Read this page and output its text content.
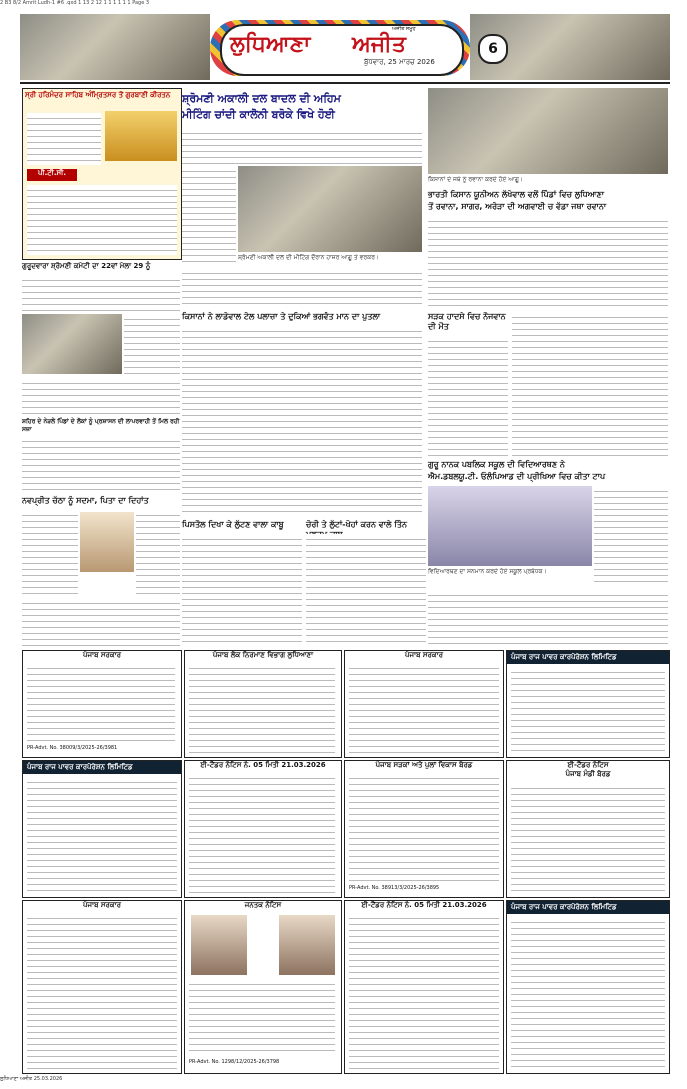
2 B3 8/2 Amrit Ludh-1 #6 .qxd 1 13 2 12 1 1 1 1 1 1 Page 3
ਲੁਧਿਆਣਾ ਅਜੀਤ
ਬੁੱਧਵਾਰ, 25 ਮਾਰਚ 2026
ਅਜੀਤ ਸਮੂਹ
6
ਸ੍ਰੀ ਹਰਿਮੰਦਰ ਸਾਹਿਬ ਅੰਮ੍ਰਿਤਸਰ ਤੋਂ ਗੁਰਬਾਣੀ ਕੀਰਤਨ
ਪੀ.ਟੀ.ਸੀ.
ਸ਼੍ਰੋਮਣੀ ਅਕਾਲੀ ਦਲ ਬਾਦਲ ਦੀ ਅਹਿਮ
ਮੀਟਿੰਗ ਚਾਂਦੀ ਕਾਲੋਨੀ ਬਰੋਕੇ ਵਿਖੇ ਹੋਈ
ਸ਼੍ਰੋਮਣੀ ਅਕਾਲੀ ਦਲ ਦੀ ਮੀਟਿੰਗ ਦੌਰਾਨ ਹਾਜ਼ਰ ਆਗੂ ਤੇ ਵਰਕਰ।
ਕਿਸਾਨਾਂ ਦੇ ਜਥੇ ਨੂੰ ਰਵਾਨਾ ਕਰਦੇ ਹੋਏ ਆਗੂ।
ਭਾਰਤੀ ਕਿਸਾਨ ਯੂਨੀਅਨ ਲੱਖੋਵਾਲ ਵਲੋਂ ਪਿੰਡਾਂ ਵਿਚ ਲੁਧਿਆਣਾ
ਤੋਂ ਰਵਾਨਾ, ਸਾਗਰ, ਅਰੋੜਾ ਦੀ ਅਗਵਾਈ ਚ ਵੱਡਾ ਜਥਾ ਰਵਾਨਾ
ਗੁਰੂਦਵਾਰਾ ਸ਼੍ਰੋਮਣੀ ਕਮੇਟੀ ਦਾ 22ਵਾਂ ਮੇਲਾ 29 ਨੂੰ
ਕਿਸਾਨਾਂ ਨੇ ਲਾਡੋਵਾਲ ਟੋਲ ਪਲਾਜ਼ਾ ਤੇ ਦੁਕਿਆਂ ਭਗਵੰਤ ਮਾਨ ਦਾ ਪੁਤਲਾ	ਸੜਕ ਹਾਦਸੇ ਵਿਚ ਨੌਜਵਾਨ ਦੀ ਮੌਤ
ਸ਼ਹਿਰ ਦੇ ਨੇੜਲੇ ਪਿੰਡਾਂ ਦੇ ਲੋਕਾਂ ਨੂੰ ਪ੍ਰਸ਼ਾਸਨ ਦੀ ਲਾਪਰਵਾਹੀ ਤੋਂ ਮਿਲ ਰਹੀ ਸਜ਼ਾ
ਨਵਪ੍ਰੀਤ ਚੱਠਾ ਨੂੰ ਸਦਮਾ, ਪਿਤਾ ਦਾ ਦਿਹਾਂਤ
ਗੁਰੂ ਨਾਨਕ ਪਬਲਿਕ ਸਕੂਲ ਦੀ ਵਿਦਿਆਰਥਣ ਨੇ
ਐਮ.ਡਬਲਯੂ.ਟੀ. ਓਲੰਪਿਆਡ ਦੀ ਪ੍ਰੀਖਿਆ ਵਿਚ ਕੀਤਾ ਟਾਪ
ਵਿਦਿਆਰਥਣ ਦਾ ਸਨਮਾਨ ਕਰਦੇ ਹੋਏ ਸਕੂਲ ਪ੍ਰਬੰਧਕ।
ਪਿਸਤੌਲ ਦਿਖਾ ਕੇ ਲੁੱਟਣ ਵਾਲਾ ਕਾਬੂ	ਚੋਰੀ ਤੇ ਲੁੱਟਾਂ-ਖੋਹਾਂ ਕਰਨ ਵਾਲੇ ਤਿੰਨ
ਪੰਜਾਬ ਸਰਕਾਰ
PR-Advt. No. 38009/3/2025-26/3981
ਪੰਜਾਬ ਲੋਕ ਨਿਰਮਾਣ ਵਿਭਾਗ ਲੁਧਿਆਣਾ	ਪੰਜਾਬ ਸਰਕਾਰ	ਪੰਜਾਬ ਰਾਜ ਪਾਵਰ ਕਾਰਪੋਰੇਸ਼ਨ ਲਿਮਿਟਿਡ
ਪੰਜਾਬ ਰਾਜ ਪਾਵਰ ਕਾਰਪੋਰੇਸ਼ਨ ਲਿਮਿਟਿਡ	ਈ-ਟੈਂਡਰ ਨੋਟਿਸ ਨੰ. 05 ਮਿਤੀ 21.03.2026	ਪੰਜਾਬ ਸੜਕਾਂ ਅਤੇ ਪੁਲਾਂ ਵਿਕਾਸ ਬੋਰਡ
PR-Advt. No. 38913/3/2025-26/3895
ਈ-ਟੈਂਡਰ ਨੋਟਿਸ
ਪੰਜਾਬ ਮੰਡੀ ਬੋਰਡ
ਪੰਜਾਬ ਸਰਕਾਰ	ਜਨਤਕ ਨੋਟਿਸ
PR-Advt. No. 1298/12/2025-26/3798
ਈ-ਟੈਂਡਰ ਨੋਟਿਸ ਨੰ. 05 ਮਿਤੀ 21.03.2026	ਪੰਜਾਬ ਰਾਜ ਪਾਵਰ ਕਾਰਪੋਰੇਸ਼ਨ ਲਿਮਿਟਿਡ
ਲੁਧਿਆਣਾ ਅਜੀਤ 25.03.2026
